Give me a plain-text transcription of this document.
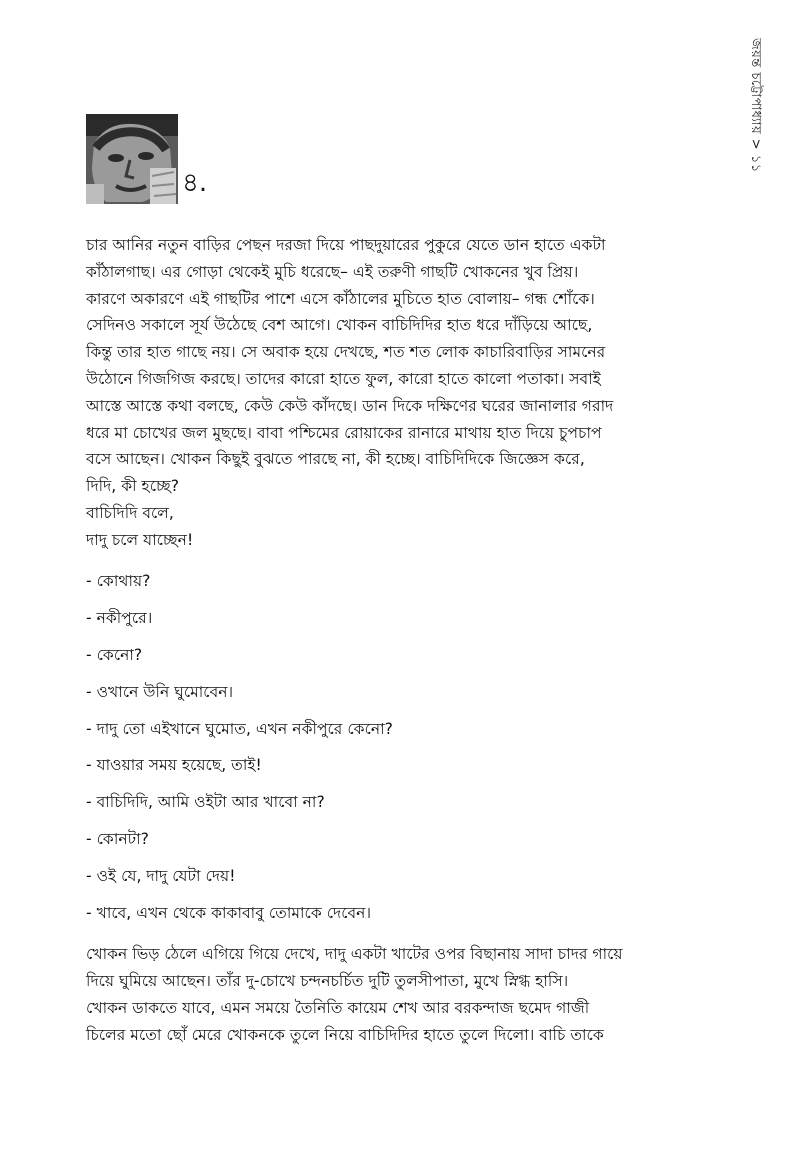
জয়ন্ত চট্টোপাধ্যায় > ১১
৪.

চার আনির নতুন বাড়ির পেছন দরজা দিয়ে পাছদুয়ারের পুকুরে যেতে ডান হাতে একটা
কাঁঠালগাছ। এর গোড়া থেকেই মুচি ধরেছে– এই তরুণী গাছটি খোকনের খুব প্রিয়।
কারণে অকারণে এই গাছটির পাশে এসে কাঁঠালের মুচিতে হাত বোলায়– গন্ধ শোঁকে।
সেদিনও সকালে সূর্য উঠেছে বেশ আগে। খোকন বাচিদিদির হাত ধরে দাঁড়িয়ে আছে,
কিন্তু তার হাত গাছে নয়। সে অবাক হয়ে দেখছে, শত শত লোক কাচারিবাড়ির সামনের
উঠোনে গিজগিজ করছে। তাদের কারো হাতে ফুল, কারো হাতে কালো পতাকা। সবাই
আস্তে আস্তে কথা বলছে, কেউ কেউ কাঁদছে। ডান দিকে দক্ষিণের ঘরের জানালার গরাদ
ধরে মা চোখের জল মুছছে। বাবা পশ্চিমের রোয়াকের রানারে মাথায় হাত দিয়ে চুপচাপ
বসে আছেন। খোকন কিছুই বুঝতে পারছে না, কী হচ্ছে। বাচিদিদিকে জিজ্ঞেস করে,
দিদি, কী হচ্ছে?
বাচিদিদি বলে,
দাদু চলে যাচ্ছেন!

- কোথায়?
- নকীপুরে।
- কেনো?
- ওখানে উনি ঘুমোবেন।
- দাদু তো এইখানে ঘুমোত, এখন নকীপুরে কেনো?
- যাওয়ার সময় হয়েছে, তাই!
- বাচিদিদি, আমি ওইটা আর খাবো না?
- কোনটা?
- ওই যে, দাদু যেটা দেয়!
- খাবে, এখন থেকে কাকাবাবু তোমাকে দেবেন।

খোকন ভিড় ঠেলে এগিয়ে গিয়ে দেখে, দাদু একটা খাটের ওপর বিছানায় সাদা চাদর গায়ে
দিয়ে ঘুমিয়ে আছেন। তাঁর দু-চোখে চন্দনচর্চিত দুটি তুলসীপাতা, মুখে স্নিগ্ধ হাসি।
খোকন ডাকতে যাবে, এমন সময়ে তৈনিতি কায়েম শেখ আর বরকন্দাজ ছমেদ গাজী
চিলের মতো ছোঁ মেরে খোকনকে তুলে নিয়ে বাচিদিদির হাতে তুলে দিলো। বাচি তাকে
